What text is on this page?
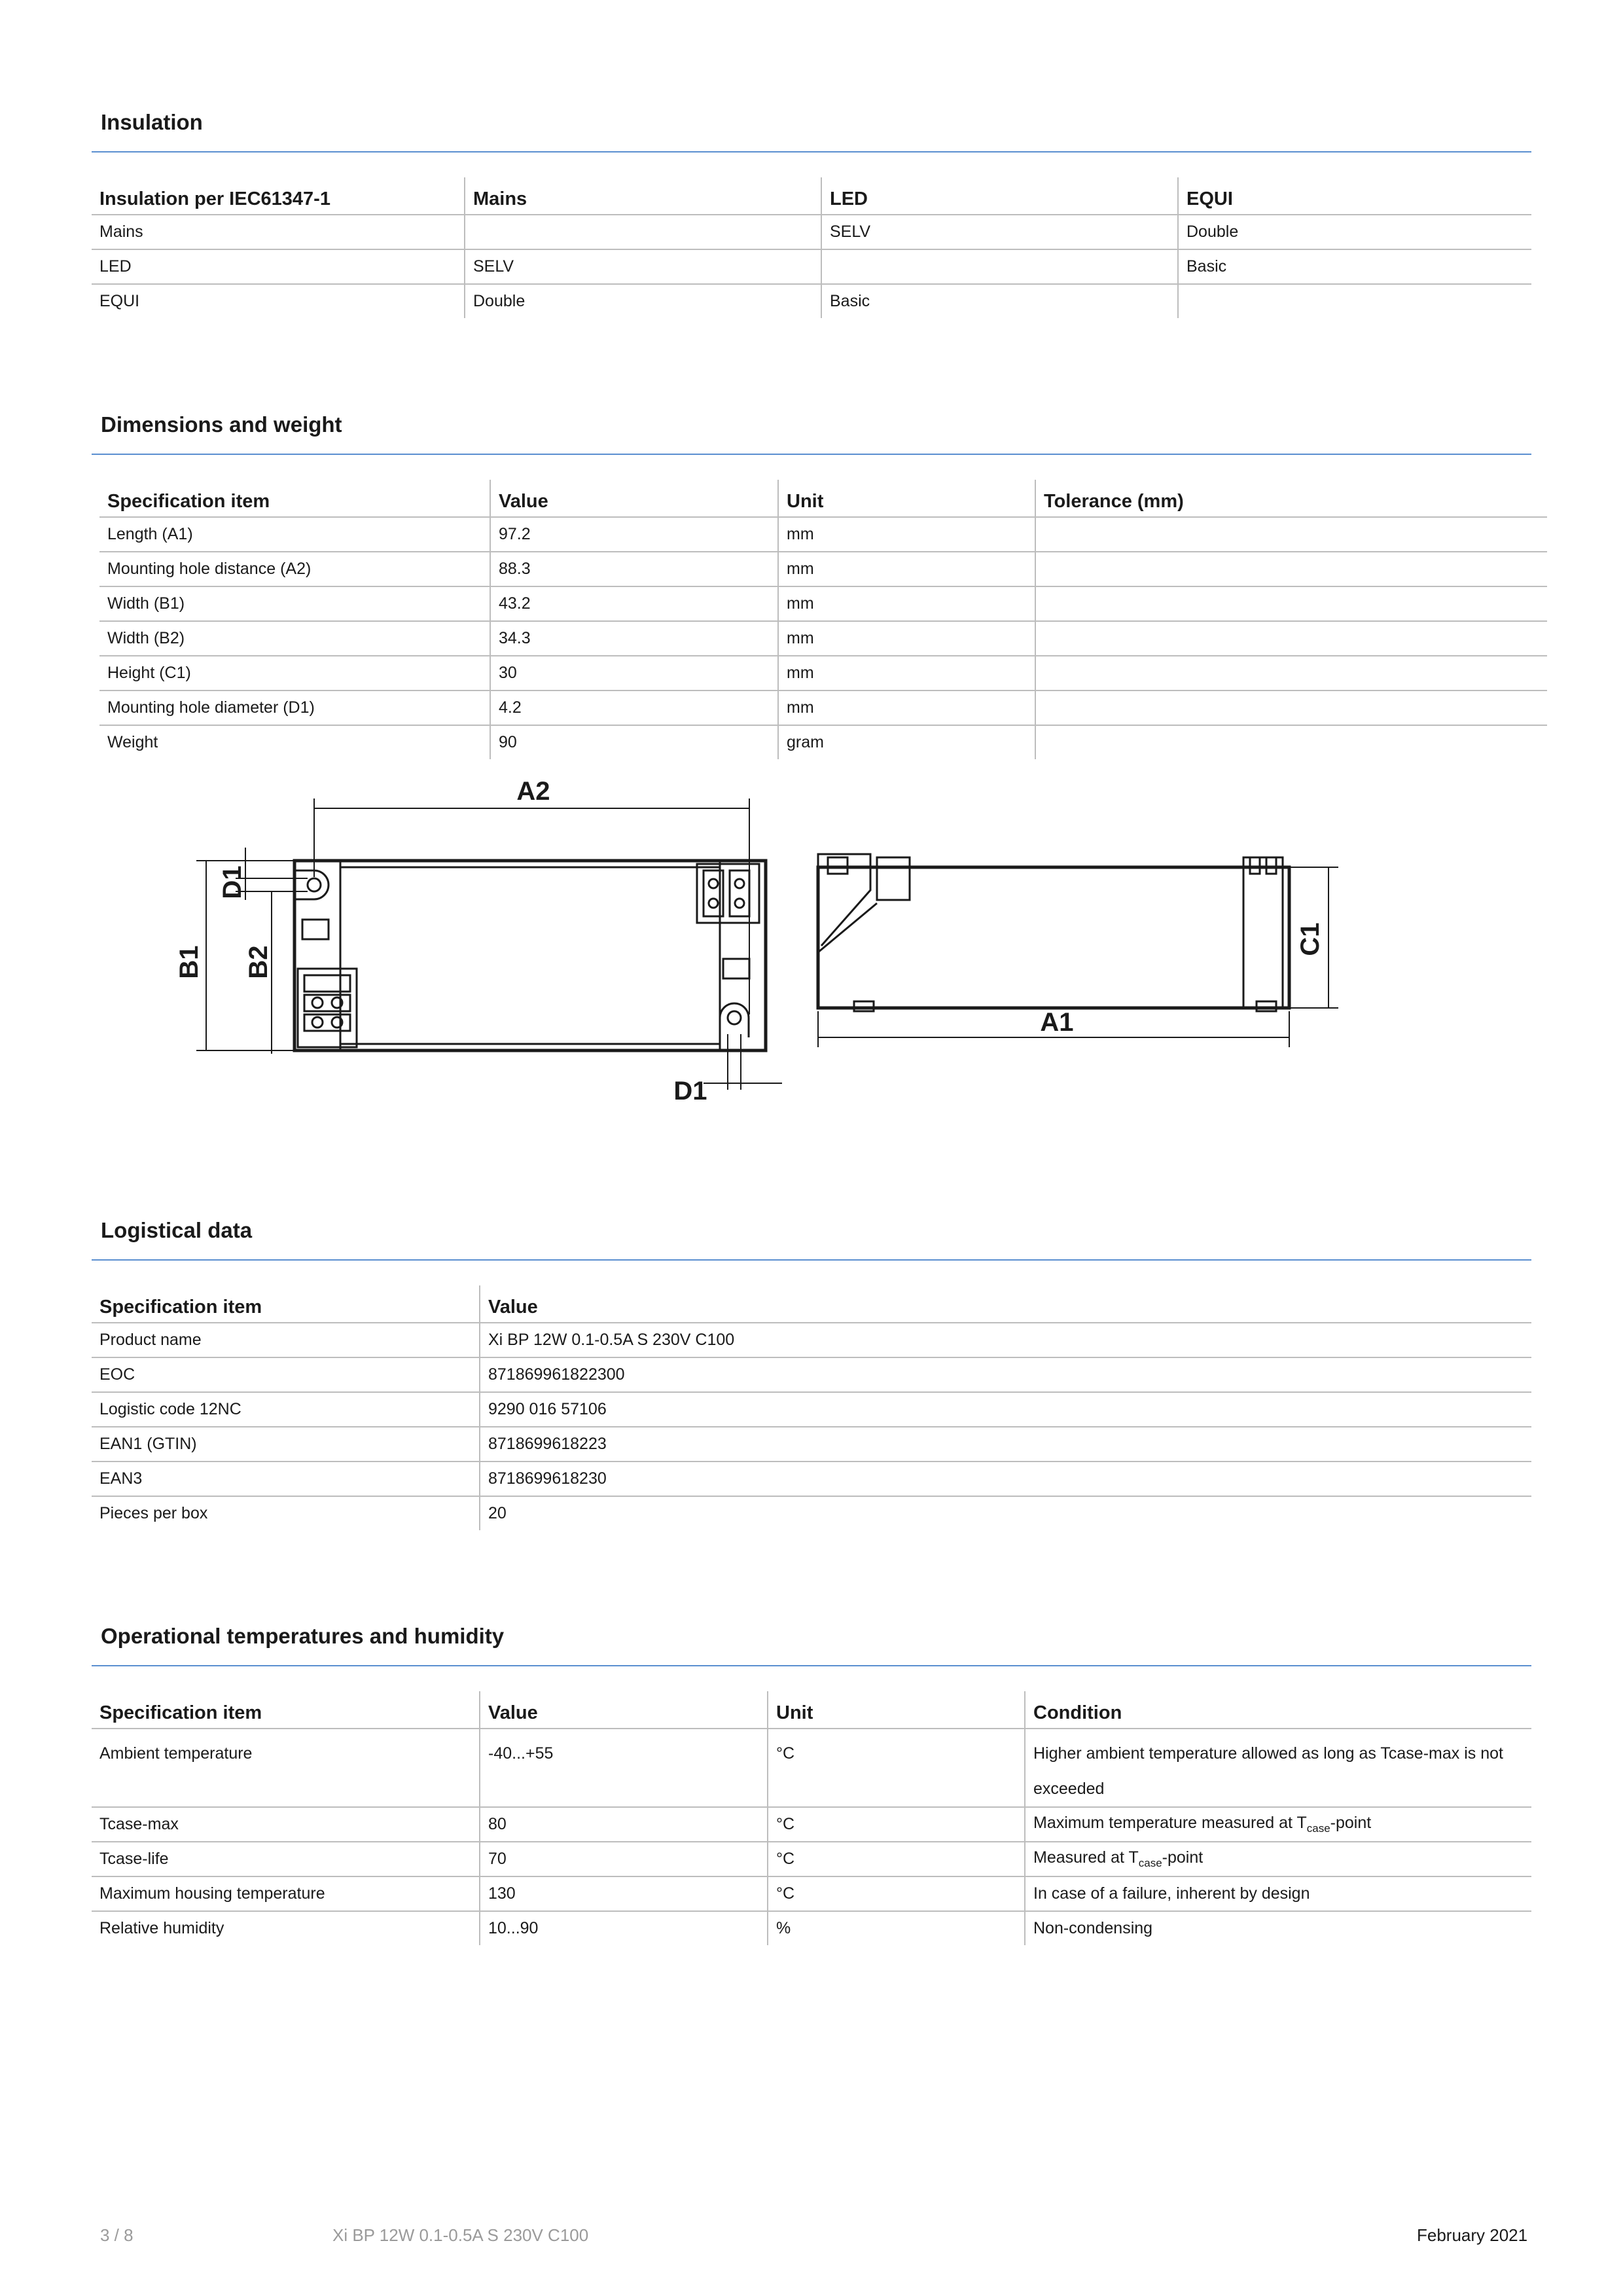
Insulation
Insulation per IEC61347-1	Mains	LED	EQUI
Mains		SELV	Double
LED	SELV		Basic
EQUI	Double	Basic	
Dimensions and weight
Specification item	Value	Unit	Tolerance (mm)
Length (A1)	97.2	mm	
Mounting hole distance (A2)	88.3	mm	
Width (B1)	43.2	mm	
Width (B2)	34.3	mm	
Height (C1)	30	mm	
Mounting hole diameter (D1)	4.2	mm	
Weight	90	gram	
A2
D1
B1 B2
D1
A1
C1
Logistical data
Specification item	Value
Product name	Xi BP 12W 0.1-0.5A S 230V C100
EOC	871869961822300
Logistic code 12NC	9290 016 57106
EAN1 (GTIN)	8718699618223
EAN3	8718699618230
Pieces per box	20
Operational temperatures and humidity
Specification item	Value	Unit	Condition
Ambient temperature	-40...+55	°C	Higher ambient temperature allowed as long as Tcase-max is not exceeded
Tcase-max	80	°C	Maximum temperature measured at $T_{case}$-point
Tcase-life	70	°C	Measured at $T_{case}$-point
Maximum housing temperature	130	°C	In case of a failure, inherent by design
Relative humidity	10...90	%	Non-condensing
3 / 8	Xi BP 12W 0.1-0.5A S 230V C100	February 2021
